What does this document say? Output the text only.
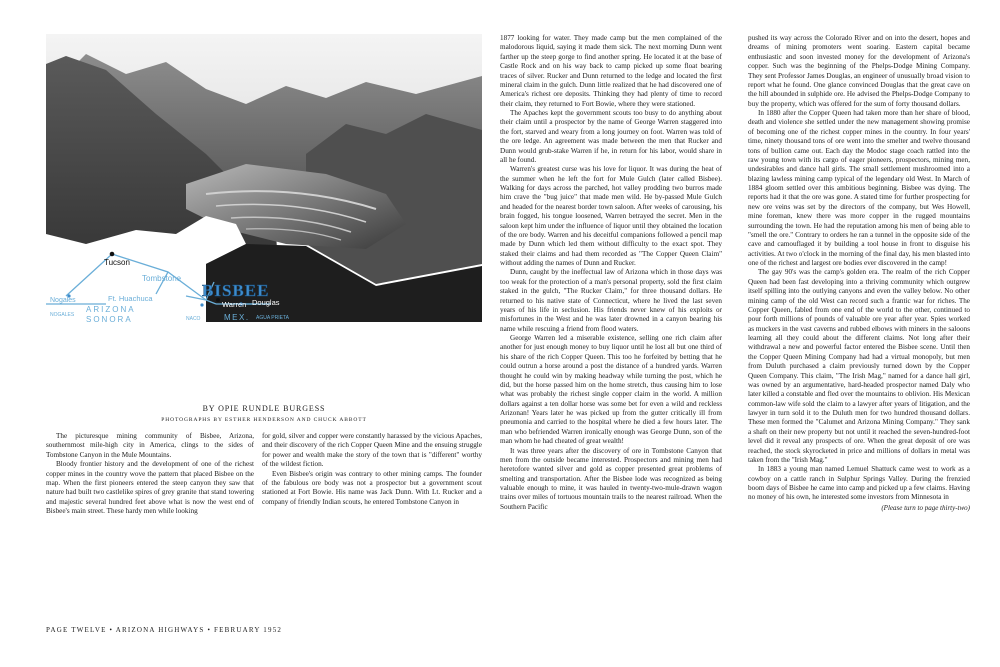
Tucson
Tombstone
Ft. Huachuca	BISBEE
Warren
Nogales
NOGALES
ARIZONA
SONORA
Naco
NACO
Douglas
MEX. AGUA PRIETA
BY OPIE RUNDLE BURGESS
PHOTOGRAPHS BY ESTHER HENDERSON AND CHUCK ABBOTT

The picturesque mining community of Bisbee, Arizona, southernmost mile-high city in America, clings to the sides of Tombstone Canyon in the Mule Mountains.

Bloody frontier history and the development of one of the richest copper mines in the country wove the pattern that placed Bisbee on the map. When the first pioneers entered the steep canyon they saw that nature had built two castlelike spires of grey granite that stand towering and majestic several hundred feet above what is now the west end of Bisbee's main street. These hardy men while looking

for gold, silver and copper were constantly harassed by the vicious Apaches, and their discovery of the rich Copper Queen Mine and the ensuing struggle for power and wealth make the story of the town that is "different" worthy of the wildest fiction.

Even Bisbee's origin was contrary to other mining camps. The founder of the fabulous ore body was not a prospector but a government scout stationed at Fort Bowie. His name was Jack Dunn. With Lt. Rucker and a company of friendly Indian scouts, he entered Tombstone Canyon in

1877 looking for water. They made camp but the men complained of the malodorous liquid, saying it made them sick. The next morning Dunn went farther up the steep gorge to find another spring. He located it at the base of Castle Rock and on his way back to camp picked up some float bearing traces of silver. Rucker and Dunn returned to the ledge and located the first mineral claim in the gulch. Dunn little realized that he had discovered one of America's richest ore deposits. Thinking they had plenty of time to record their claim, they returned to Fort Bowie, where they were stationed.

The Apaches kept the government scouts too busy to do anything about their claim until a prospector by the name of George Warren staggered into the fort, starved and weary from a long journey on foot. Warren was told of the ore ledge. An agreement was made between the men that Rucker and Dunn would grub-stake Warren if he, in return for his labor, would share in all he found.

Warren's greatest curse was his love for liquor. It was during the heat of the summer when he left the fort for Mule Gulch (later called Bisbee). Walking for days across the parched, hot valley prodding two burros made him crave the "bug juice" that made men wild. He by-passed Mule Gulch and headed for the nearest border town saloon. After weeks of carousing, his brain fogged, his tongue loosened, Warren betrayed the secret. Men in the saloon kept him under the influence of liquor until they obtained the location of the ore body. Warren and his deceitful companions followed a pencil map made by Dunn which led them without difficulty to the exact spot. They staked their claims and had them recorded as "The Copper Queen Claim" without adding the names of Dunn and Rucker.

Dunn, caught by the ineffectual law of Arizona which in those days was too weak for the protection of a man's personal property, sold the first claim staked in the gulch, "The Rucker Claim," for three thousand dollars. He returned to his native state of Connecticut, where he lived the last seven years of his life in seclusion. His friends never knew of his exploits or misfortunes in the West and he was later drowned in a canyon bearing his name while rescuing a friend from flood waters.

George Warren led a miserable existence, selling one rich claim after another for just enough money to buy liquor until he lost all but one third of his share of the rich Copper Queen. This too he forfeited by betting that he could outrun a horse around a post the distance of a hundred yards. Warren thought he could win by making headway while turning the post, which he did, but the horse passed him on the home stretch, thus causing him to lose what was probably the richest single copper claim in the world. A million dollars against a ten dollar horse was some bet for even a wild and reckless Arizonan! Years later he was picked up from the gutter critically ill from pneumonia and carried to the hospital where he died a few hours later. The man who befriended Warren ironically enough was George Dunn, son of the man whom he had cheated of great wealth!

It was three years after the discovery of ore in Tombstone Canyon that men from the outside became interested. Prospectors and mining men had heretofore wanted silver and gold as copper presented great problems of smelting and transportation. After the Bisbee lode was recognized as being valuable enough to mine, it was hauled in twenty-two-mule-drawn wagon trains over miles of tortuous mountain trails to the nearest railroad. When the Southern Pacific

pushed its way across the Colorado River and on into the desert, hopes and dreams of mining promoters went soaring. Eastern capital became enthusiastic and soon invested money for the development of Arizona's copper. Such was the beginning of the Phelps-Dodge Mining Company. They sent Professor James Douglas, an engineer of unusually broad vision to report what he found. One glance convinced Douglas that the great cave on the hill abounded in sulphide ore. He advised the Phelps-Dodge Company to buy the property, which was offered for the sum of forty thousand dollars.

In 1880 after the Copper Queen had taken more than her share of blood, death and violence she settled under the new management showing promise of becoming one of the richest copper mines in the country. In four years' time, ninety thousand tons of ore went into the smelter and twelve thousand tons of bullion came out. Each day the Modoc stage coach rattled into the raw young town with its cargo of eager pioneers, prospectors, mining men, undesirables and dance hall girls. The small settlement mushroomed into a blazing lawless mining camp typical of the legendary old West. In March of 1884 gloom settled over this ambitious beginning. Bisbee was dying. The reports had it that the ore was gone. A stated time for further prospecting for new ore veins was set by the directors of the company, but Wes Howell, mine foreman, knew there was more copper in the rugged mountains surrounding the town. He had the reputation among his men of being able to "smell the ore." Contrary to orders he ran a tunnel in the opposite side of the cave and camouflaged it by building a tool house in front to disguise his activities. At two o'clock in the morning of the final day, his men blasted into one of the richest and largest ore bodies ever discovered in the camp!

The gay 90's was the camp's golden era. The realm of the rich Copper Queen had been fast developing into a thriving community which outgrew itself spilling into the outlying canyons and even the valley below. No other mining camp of the old West can record such a frantic war for riches. The Copper Queen, fabled from one end of the world to the other, continued to pour forth millions of pounds of valuable ore year after year. Spies worked as muckers in the vast caverns and rubbed elbows with miners in the saloons learning all they could about the different claims. Not long after their withdrawal a new and powerful factor entered the Bisbee scene. Until then the Copper Queen Mining Company had had a virtual monopoly, but men from Duluth purchased a claim previously turned down by the Copper Queen Company. This claim, "The Irish Mag," named for a dance hall girl, was owned by an argumentative, hard-headed prospector named Daly who later killed a constable and fled over the mountains to oblivion. His Mexican common-law wife sold the claim to a lawyer after years of litigation, and the lawyer in turn sold it to the Duluth men for two hundred thousand dollars. These men formed the "Calumet and Arizona Mining Company." They sank a shaft on their new property but not until it reached the seven-hundred-foot level did it reveal any prospects of ore. When the great deposit of ore was reached, the stock skyrocketed in price and millions of dollars in metal was taken from the "Irish Mag."

In 1883 a young man named Lemuel Shattuck came west to work as a cowboy on a cattle ranch in Sulphur Springs Valley. During the frenzied boom days of Bisbee he came into camp and picked up a few claims. Having no money of his own, he interested some investors from Minnesota in

(Please turn to page thirty-two)
PAGE TWELVE • ARIZONA HIGHWAYS • FEBRUARY 1952
